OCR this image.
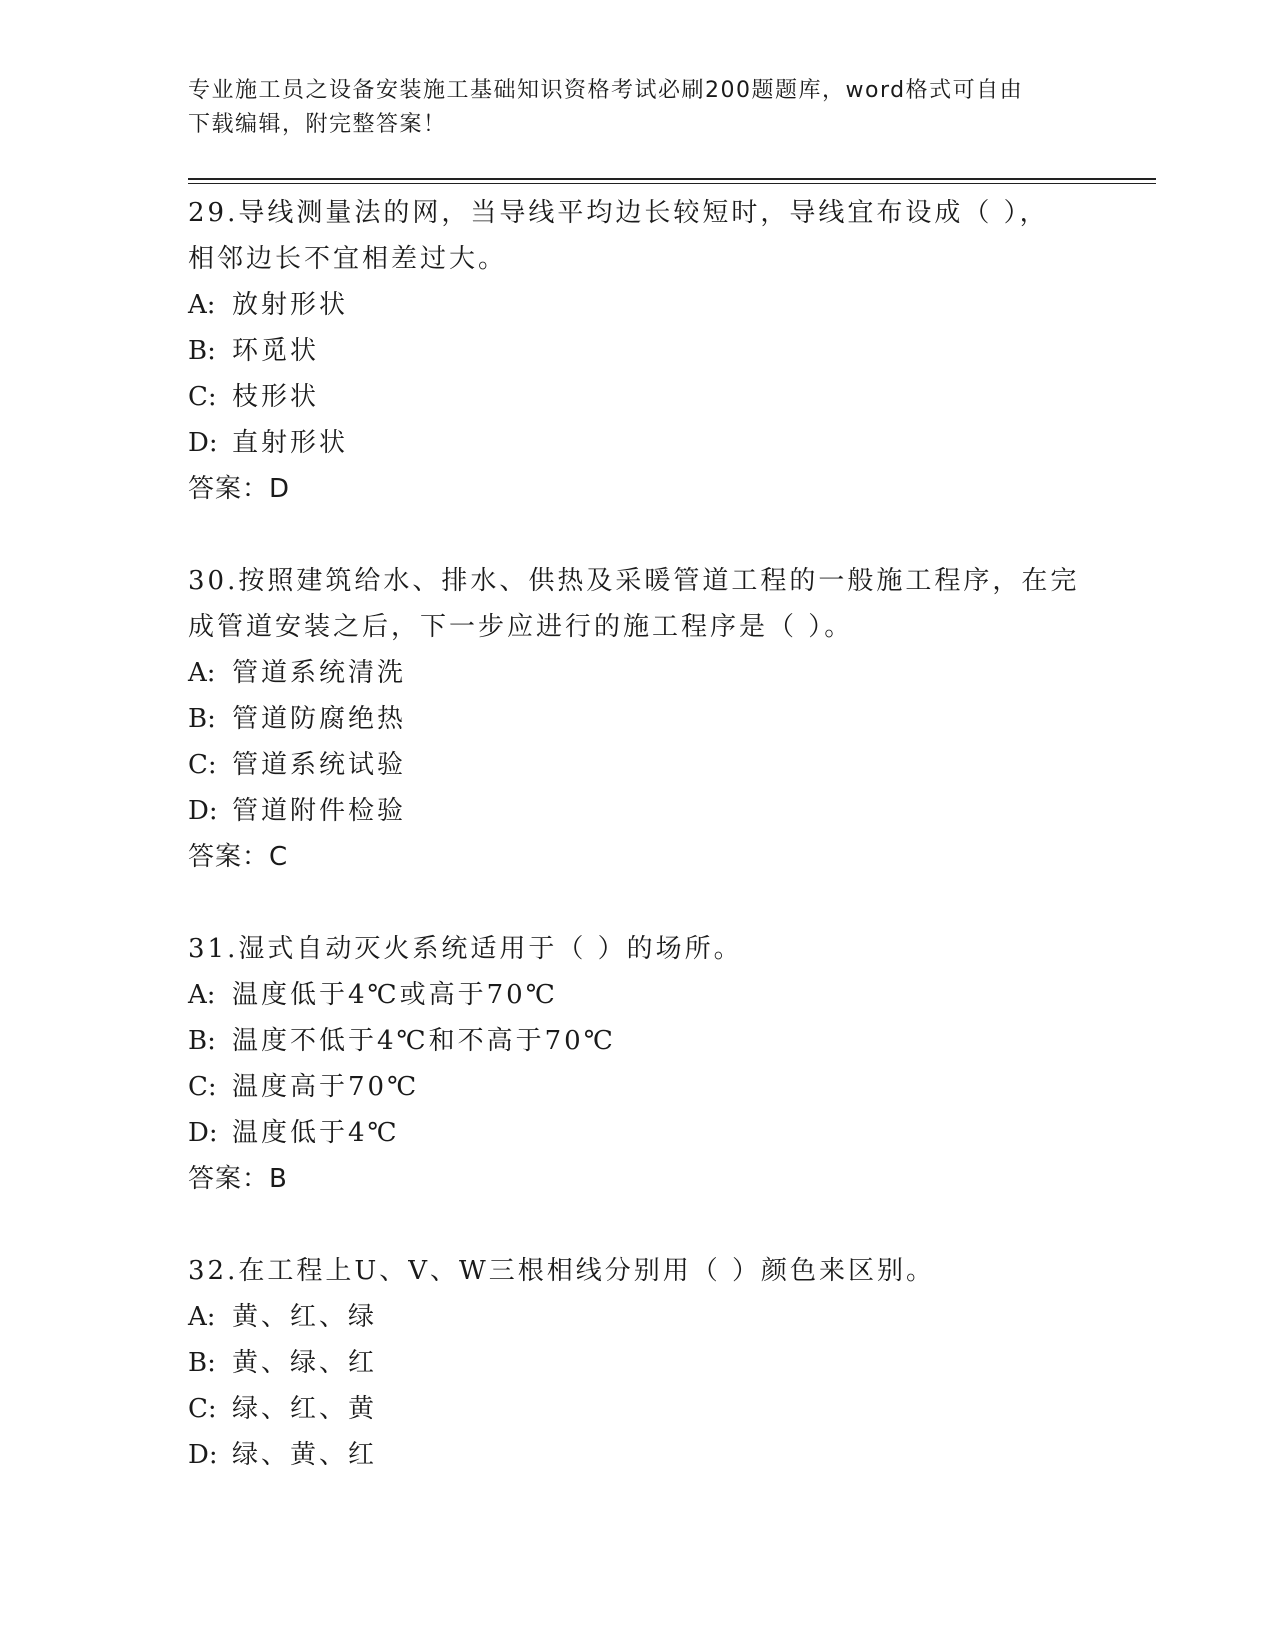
专业施工员之设备安装施工基础知识资格考试必刷200题题库，word格式可自由
下载编辑，附完整答案！

29.导线测量法的网，当导线平均边长较短时，导线宜布设成（ ），
相邻边长不宜相差过大。

A: 放射形状

B: 环觅状

C: 枝形状

D: 直射形状

答案：D

30.按照建筑给水、排水、供热及采暖管道工程的一般施工程序，在完
成管道安装之后，下一步应进行的施工程序是（ ）。

A: 管道系统清洗

B: 管道防腐绝热

C: 管道系统试验

D: 管道附件检验

答案：C

31.湿式自动灭火系统适用于（ ）的场所。

A: 温度低于4℃或高于70℃

B: 温度不低于4℃和不高于70℃

C: 温度高于70℃

D: 温度低于4℃

答案：B

32.在工程上U、V、W三根相线分别用（ ）颜色来区别。

A: 黄、红、绿

B: 黄、绿、红

C: 绿、红、黄

D: 绿、黄、红
